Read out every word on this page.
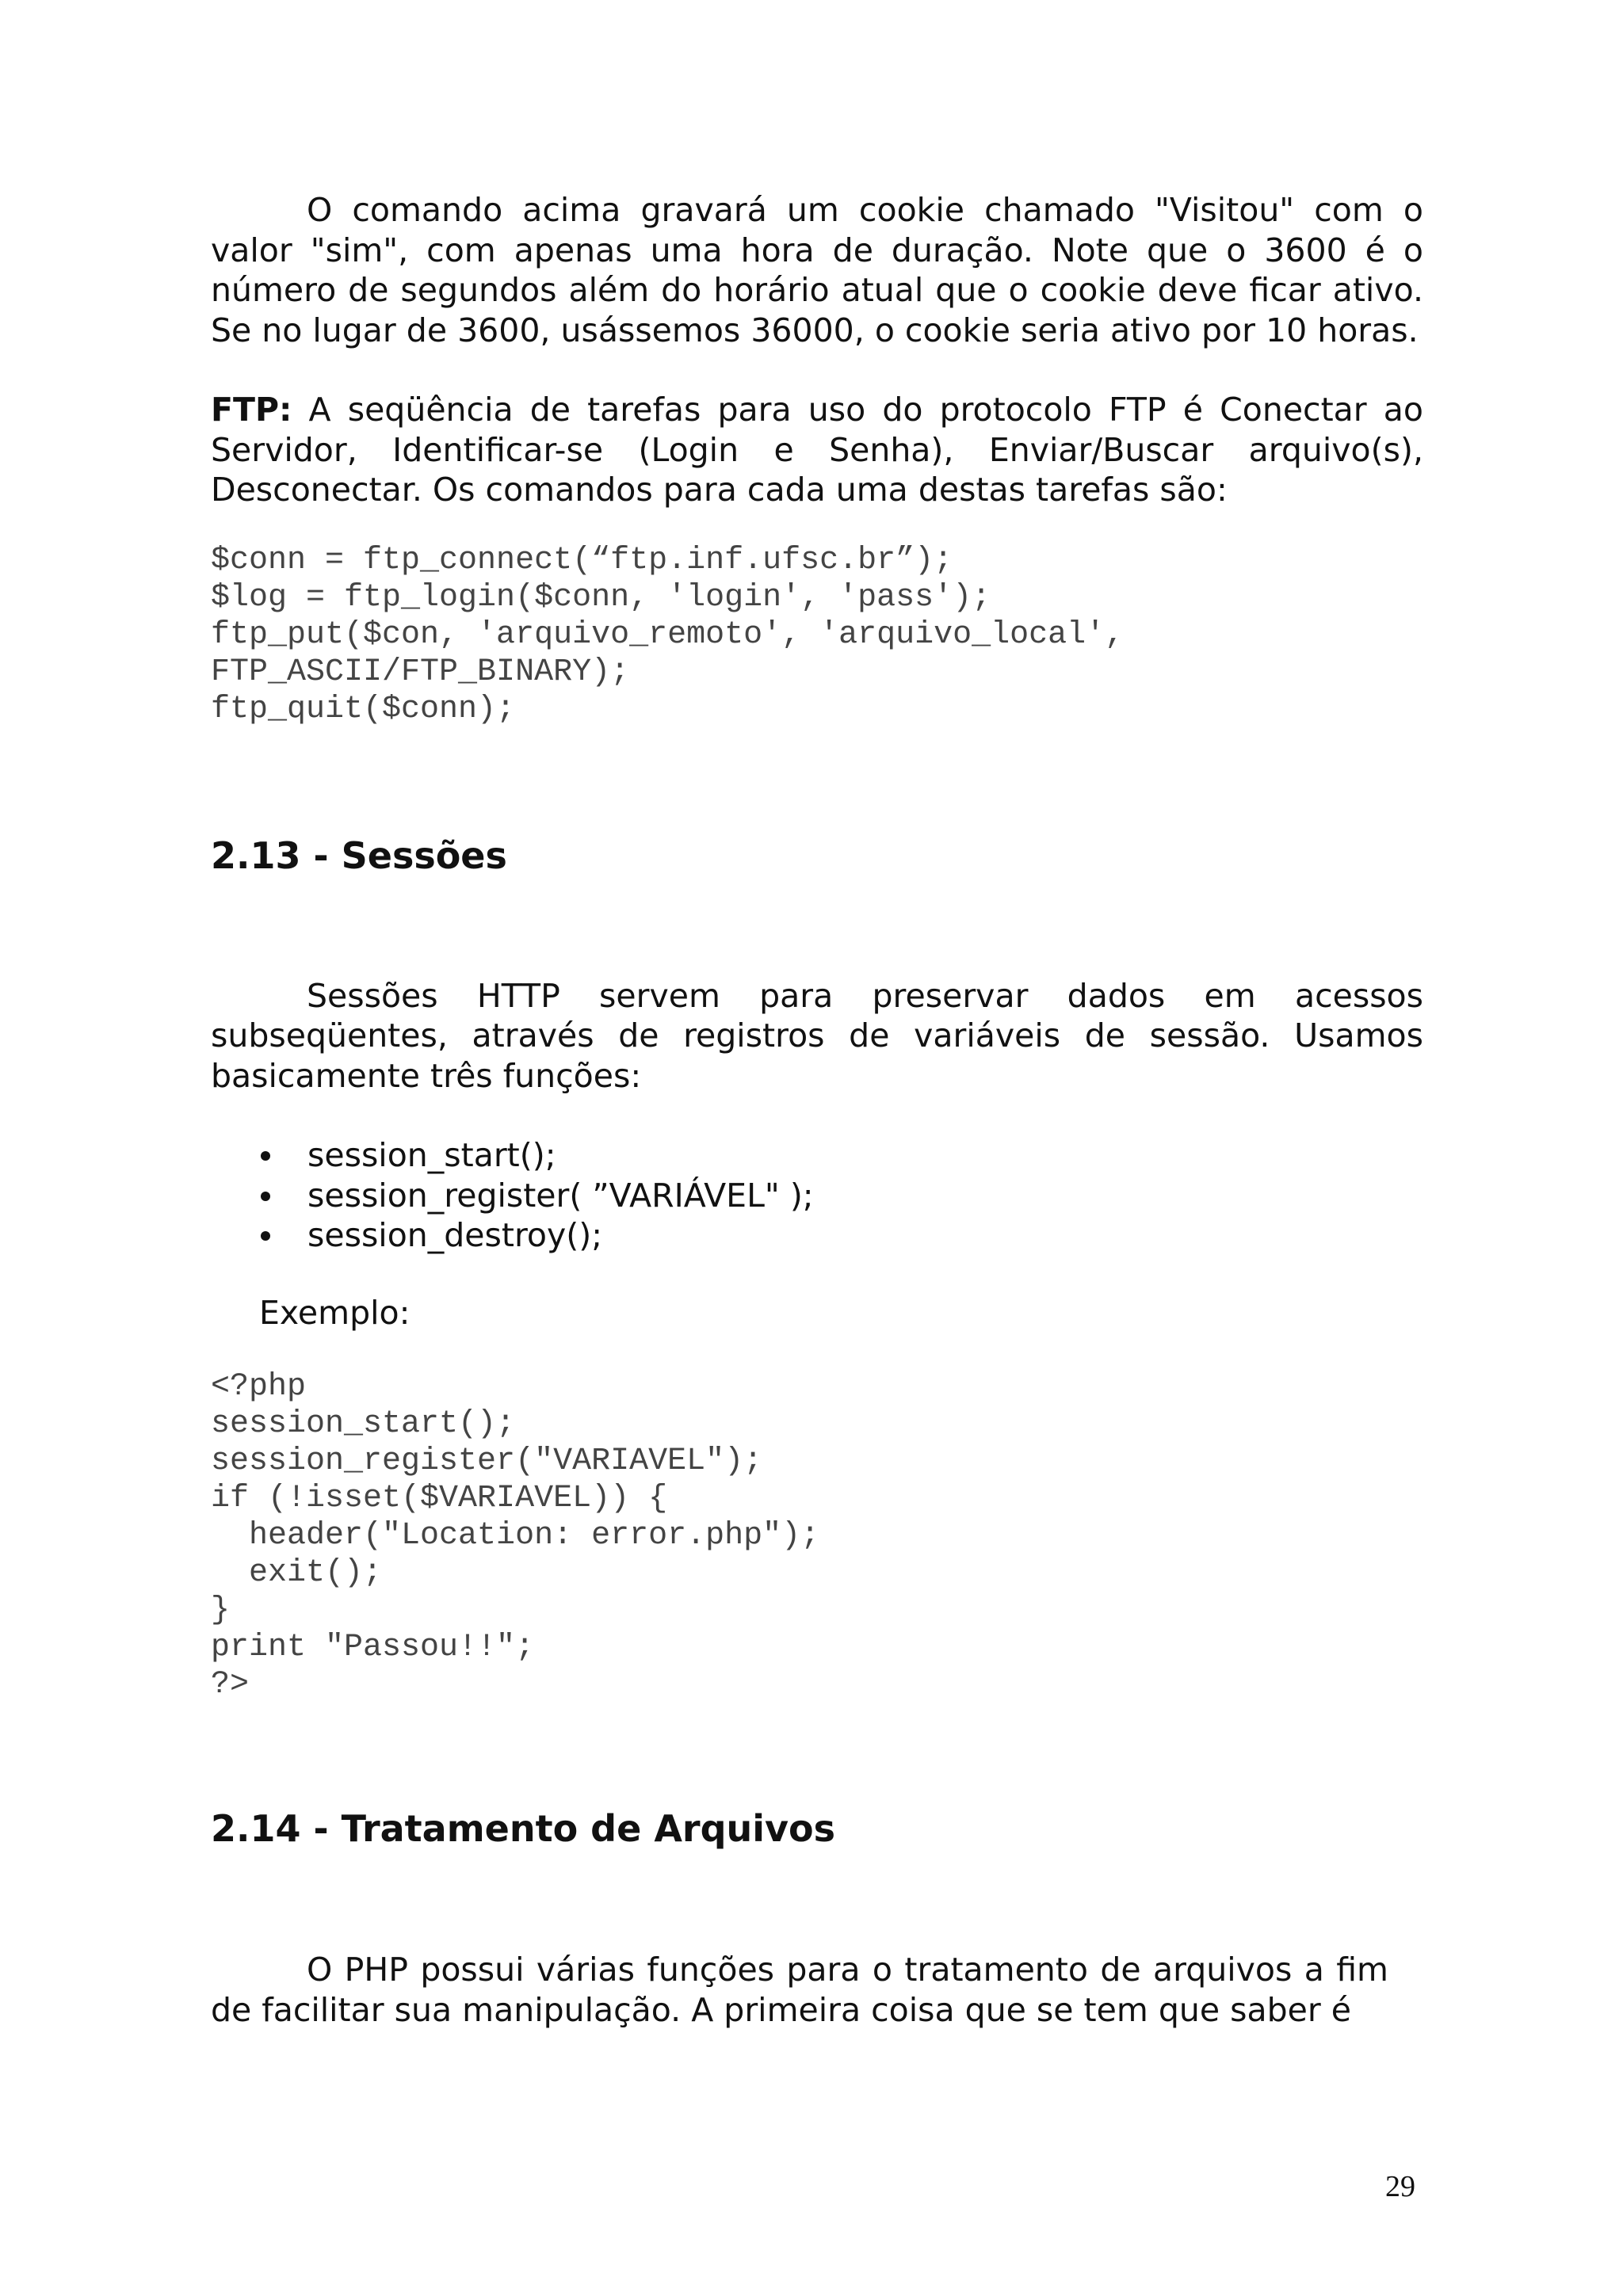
O comando acima gravará um cookie chamado "Visitou" com o valor "sim", com apenas uma hora de duração. Note que o 3600 é o número de segundos além do horário atual que o cookie deve ficar ativo. Se no lugar de 3600, usássemos 36000, o cookie seria ativo por 10 horas.

FTP: A seqüência de tarefas para uso do protocolo FTP é Conectar ao Servidor, Identificar-se (Login e Senha), Enviar/Buscar arquivo(s), Desconectar. Os comandos para cada uma destas tarefas são:

$conn = ftp_connect(“ftp.inf.ufsc.br”);

$log = ftp_login($conn, 'login', 'pass');

ftp_put($con, 'arquivo_remoto', 'arquivo_local',

FTP_ASCII/FTP_BINARY);

ftp_quit($conn);

2.13 - Sessões

Sessões HTTP servem para preservar dados em acessos subseqüentes, através de registros de variáveis de sessão. Usamos basicamente três funções:

session_start();
session_register( ”VARIÁVEL" );
session_destroy();

Exemplo:

<?php

session_start();

session_register("VARIAVEL");

if (!isset($VARIAVEL)) {

header("Location: error.php");

exit();

}

print "Passou!!";

?>

2.14 - Tratamento de Arquivos

O PHP possui várias funções para o tratamento de arquivos a fim de facilitar sua manipulação. A primeira coisa que se tem que saber é

29
